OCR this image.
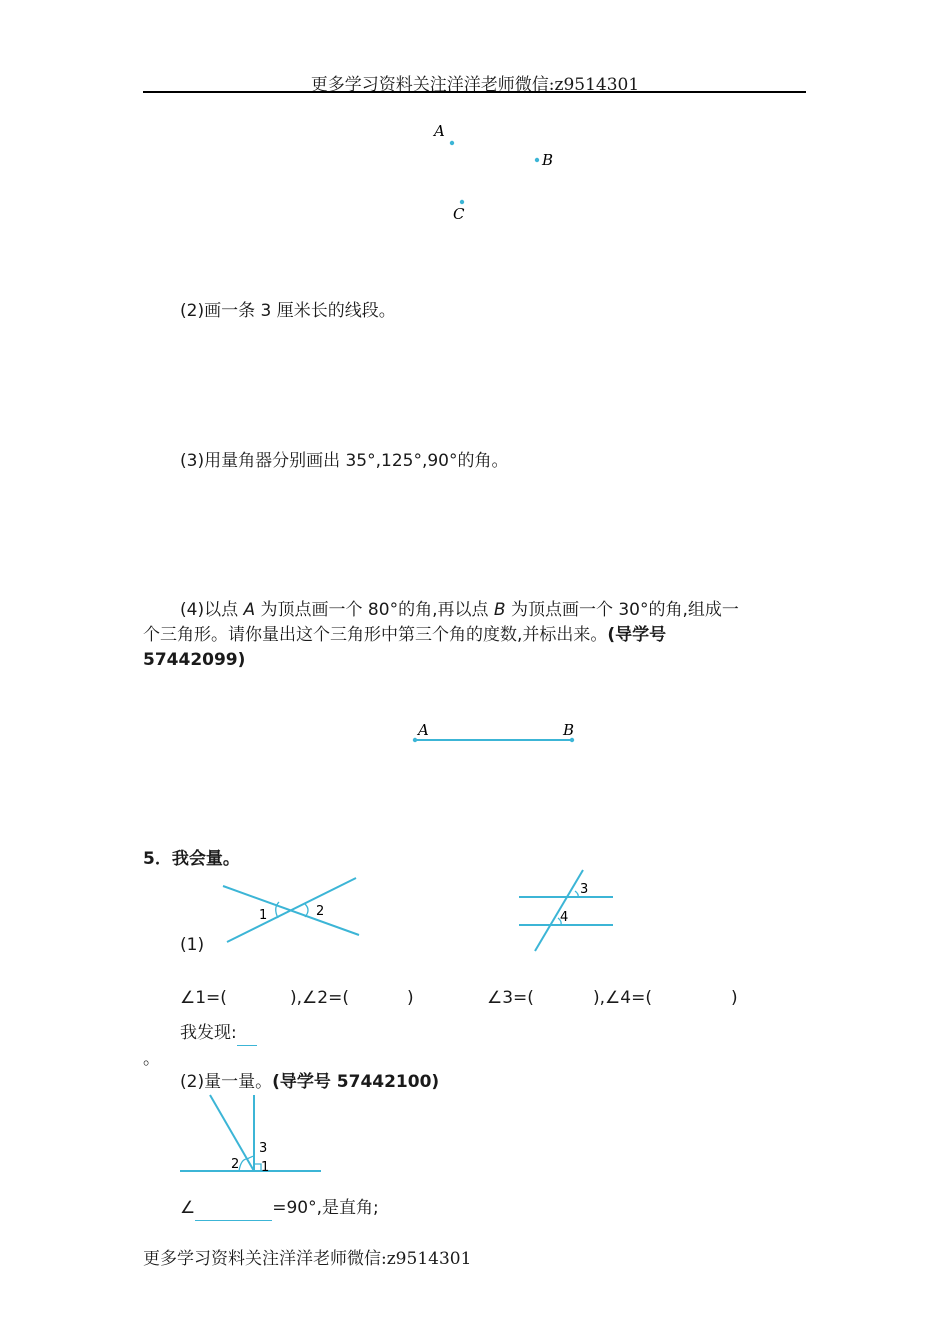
更多学习资料关注洋洋老师微信:z9514301
A
B
C
(2)画一条 3 厘米长的线段。
(3)用量角器分别画出 35°,125°,90°的角。
(4)以点 A 为顶点画一个 80°的角,再以点 B 为顶点画一个 30°的角,组成一
个三角形。请你量出这个三角形中第三个角的度数,并标出来。(导学号
57442099)
A	B
5．我会量。
1	2
3
4
(1)
∠1=(	),∠2=(	)	∠3=(	),∠4=(	)
我发现:
。
(2)量一量。(导学号 57442100)
2
3
1
∠	=90°,是直角;
更多学习资料关注洋洋老师微信:z9514301
